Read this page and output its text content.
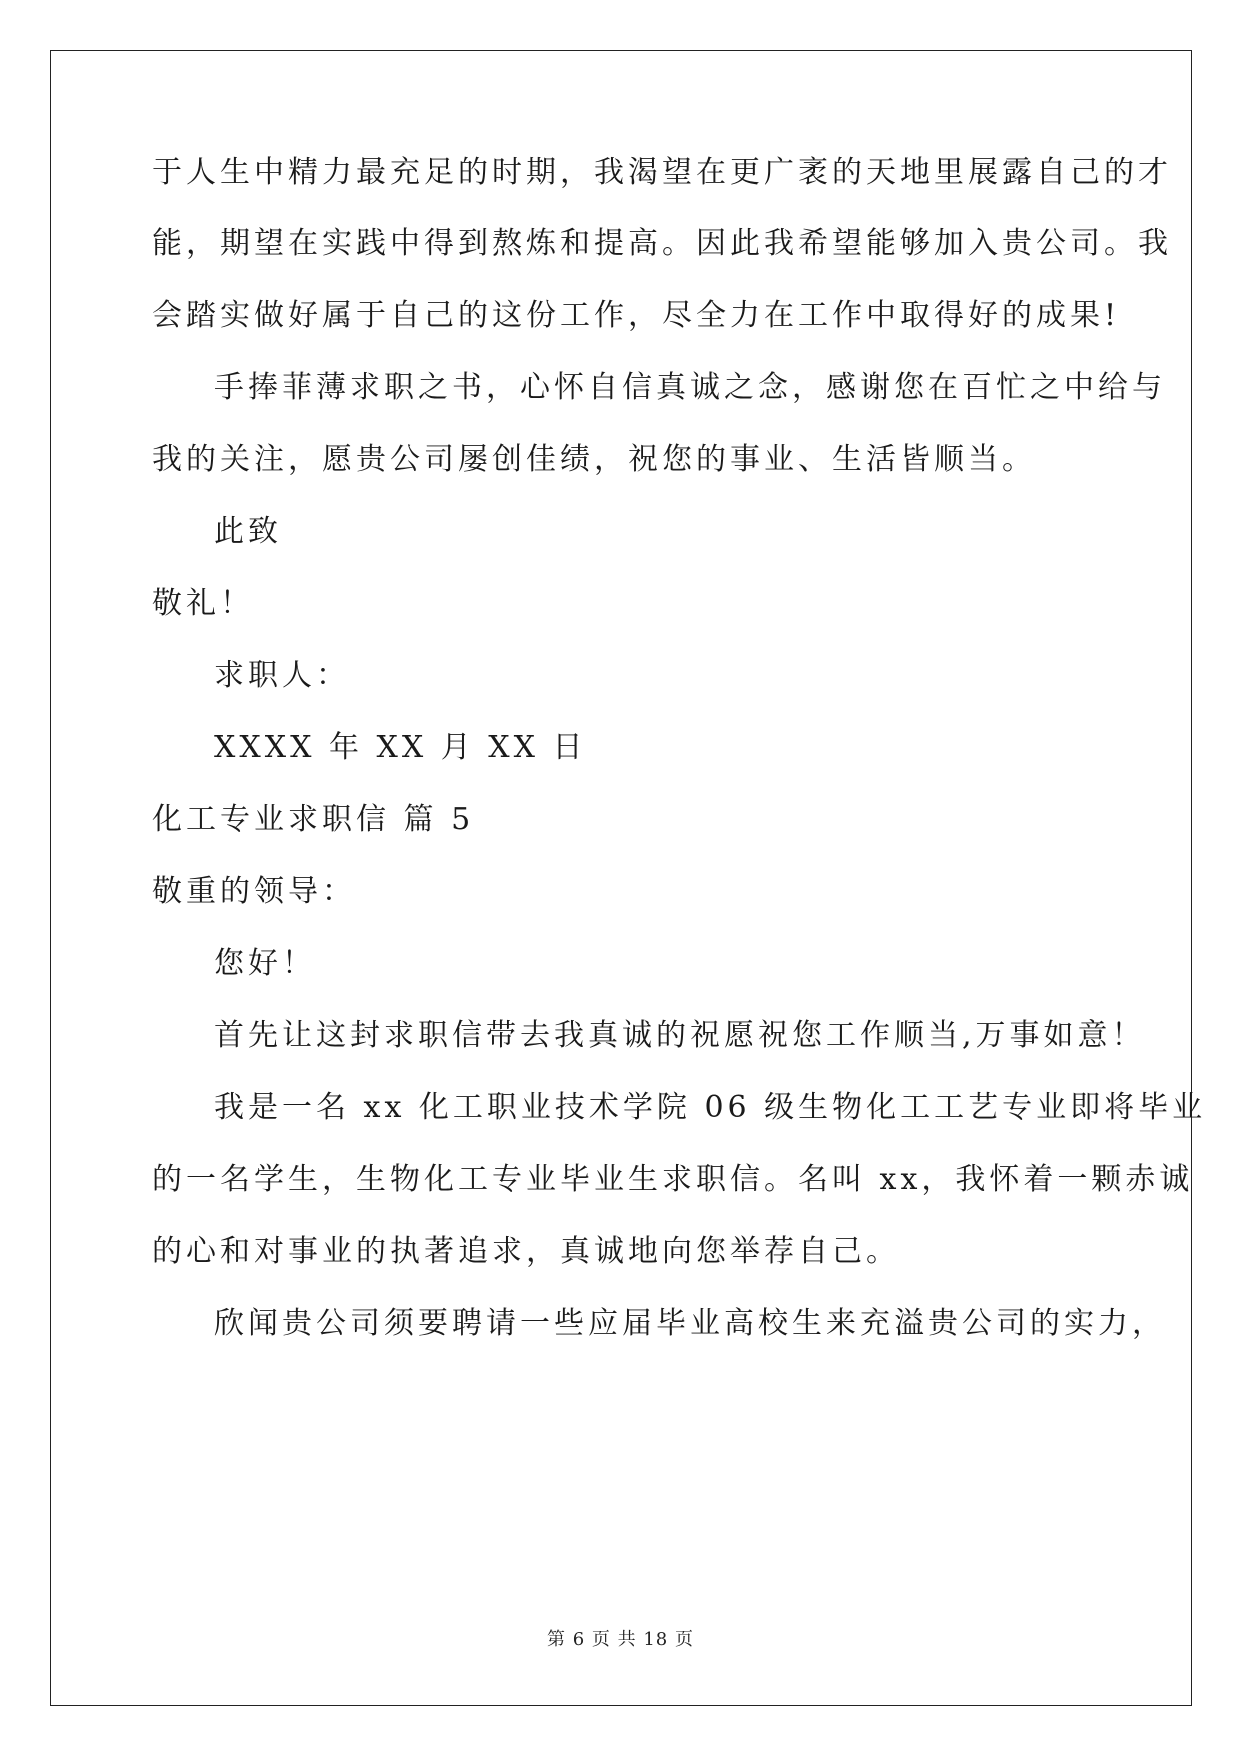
于人生中精力最充足的时期，我渴望在更广袤的天地里展露自己的才
能，期望在实践中得到熬炼和提高。因此我希望能够加入贵公司。我
会踏实做好属于自己的这份工作，尽全力在工作中取得好的成果!
手捧菲薄求职之书，心怀自信真诚之念，感谢您在百忙之中给与
我的关注，愿贵公司屡创佳绩，祝您的事业、生活皆顺当。
此致
敬礼！
求职人：
XXXX 年 XX 月 XX 日
化工专业求职信 篇 5
敬重的领导：
您好！
首先让这封求职信带去我真诚的祝愿祝您工作顺当,万事如意！
我是一名 xx 化工职业技术学院 06 级生物化工工艺专业即将毕业
的一名学生，生物化工专业毕业生求职信。名叫 xx，我怀着一颗赤诚
的心和对事业的执著追求，真诚地向您举荐自己。
欣闻贵公司须要聘请一些应届毕业高校生来充溢贵公司的实力，
第 6 页 共 18 页
